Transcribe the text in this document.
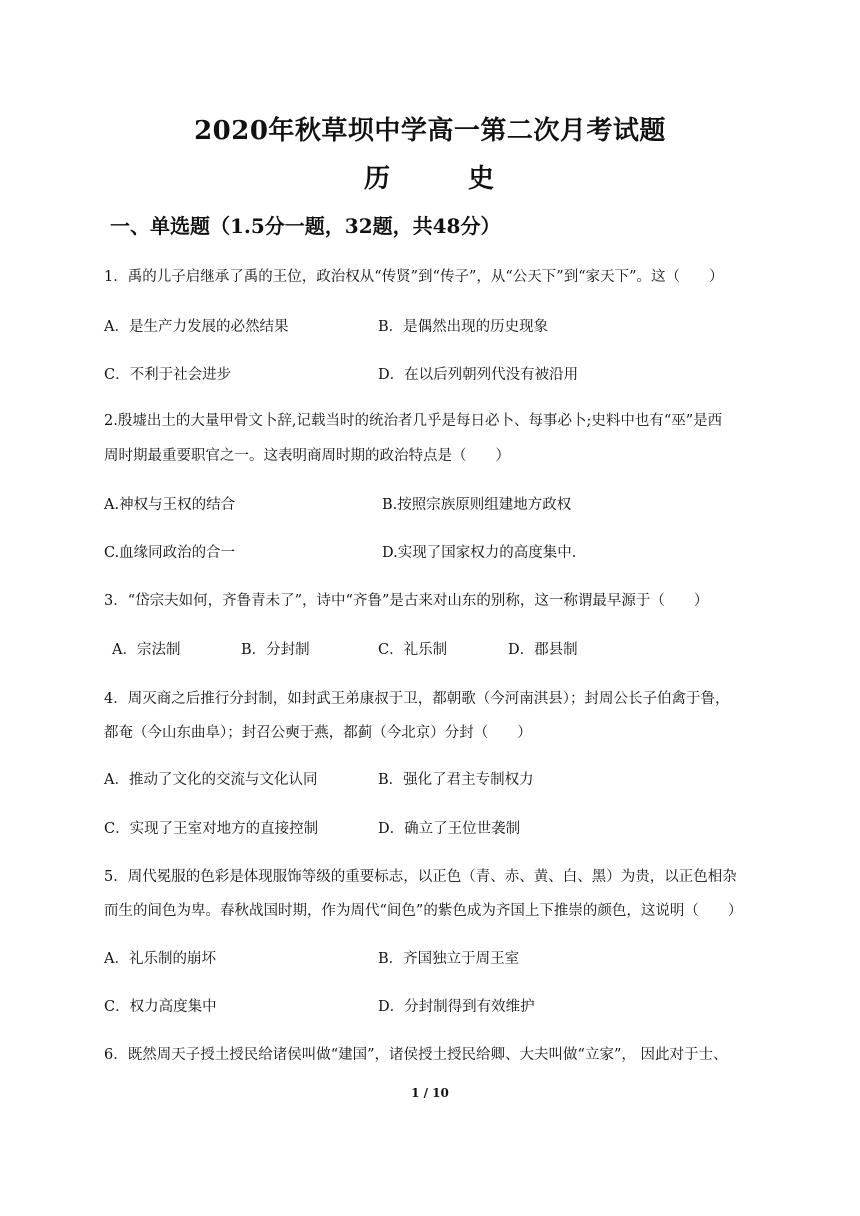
2020年秋草坝中学高一第二次月考试题
历	史
一、单选题（1.5分一题，32题，共48分）
1．禹的儿子启继承了禹的王位，政治权从“传贤”到“传子”，从“公天下”到“家天下”。这（　　）
A．是生产力发展的必然结果	B．是偶然出现的历史现象
C．不利于社会进步	D．在以后列朝列代没有被沿用
2.殷墟出土的大量甲骨文卜辞,记载当时的统治者几乎是每日必卜、每事必卜;史料中也有“巫”是西
周时期最重要职官之一。这表明商周时期的政治特点是（　　）
A.神权与王权的结合	B.按照宗族原则组建地方政权
C.血缘同政治的合一	D.实现了国家权力的高度集中.
3．“岱宗夫如何，齐鲁青未了”，诗中“齐鲁”是古来对山东的别称，这一称谓最早源于（　　）
A．宗法制	B．分封制	C．礼乐制	D．郡县制
4．周灭商之后推行分封制，如封武王弟康叔于卫，都朝歌（今河南淇县）；封周公长子伯禽于鲁，
都奄（今山东曲阜）；封召公奭于燕，都蓟（今北京）分封（　　）
A．推动了文化的交流与文化认同	B．强化了君主专制权力
C．实现了王室对地方的直接控制	D．确立了王位世袭制
5．周代冕服的色彩是体现服饰等级的重要标志，以正色（青、赤、黄、白、黑）为贵，以正色相杂
而生的间色为卑。春秋战国时期，作为周代“间色”的紫色成为齐国上下推崇的颜色，这说明（　　）
A．礼乐制的崩坏	B．齐国独立于周王室
C．权力高度集中	D．分封制得到有效维护
6．既然周天子授土授民给诸侯叫做“建国”，诸侯授土授民给卿、大夫叫做“立家”， 因此对于士、
1 / 10
